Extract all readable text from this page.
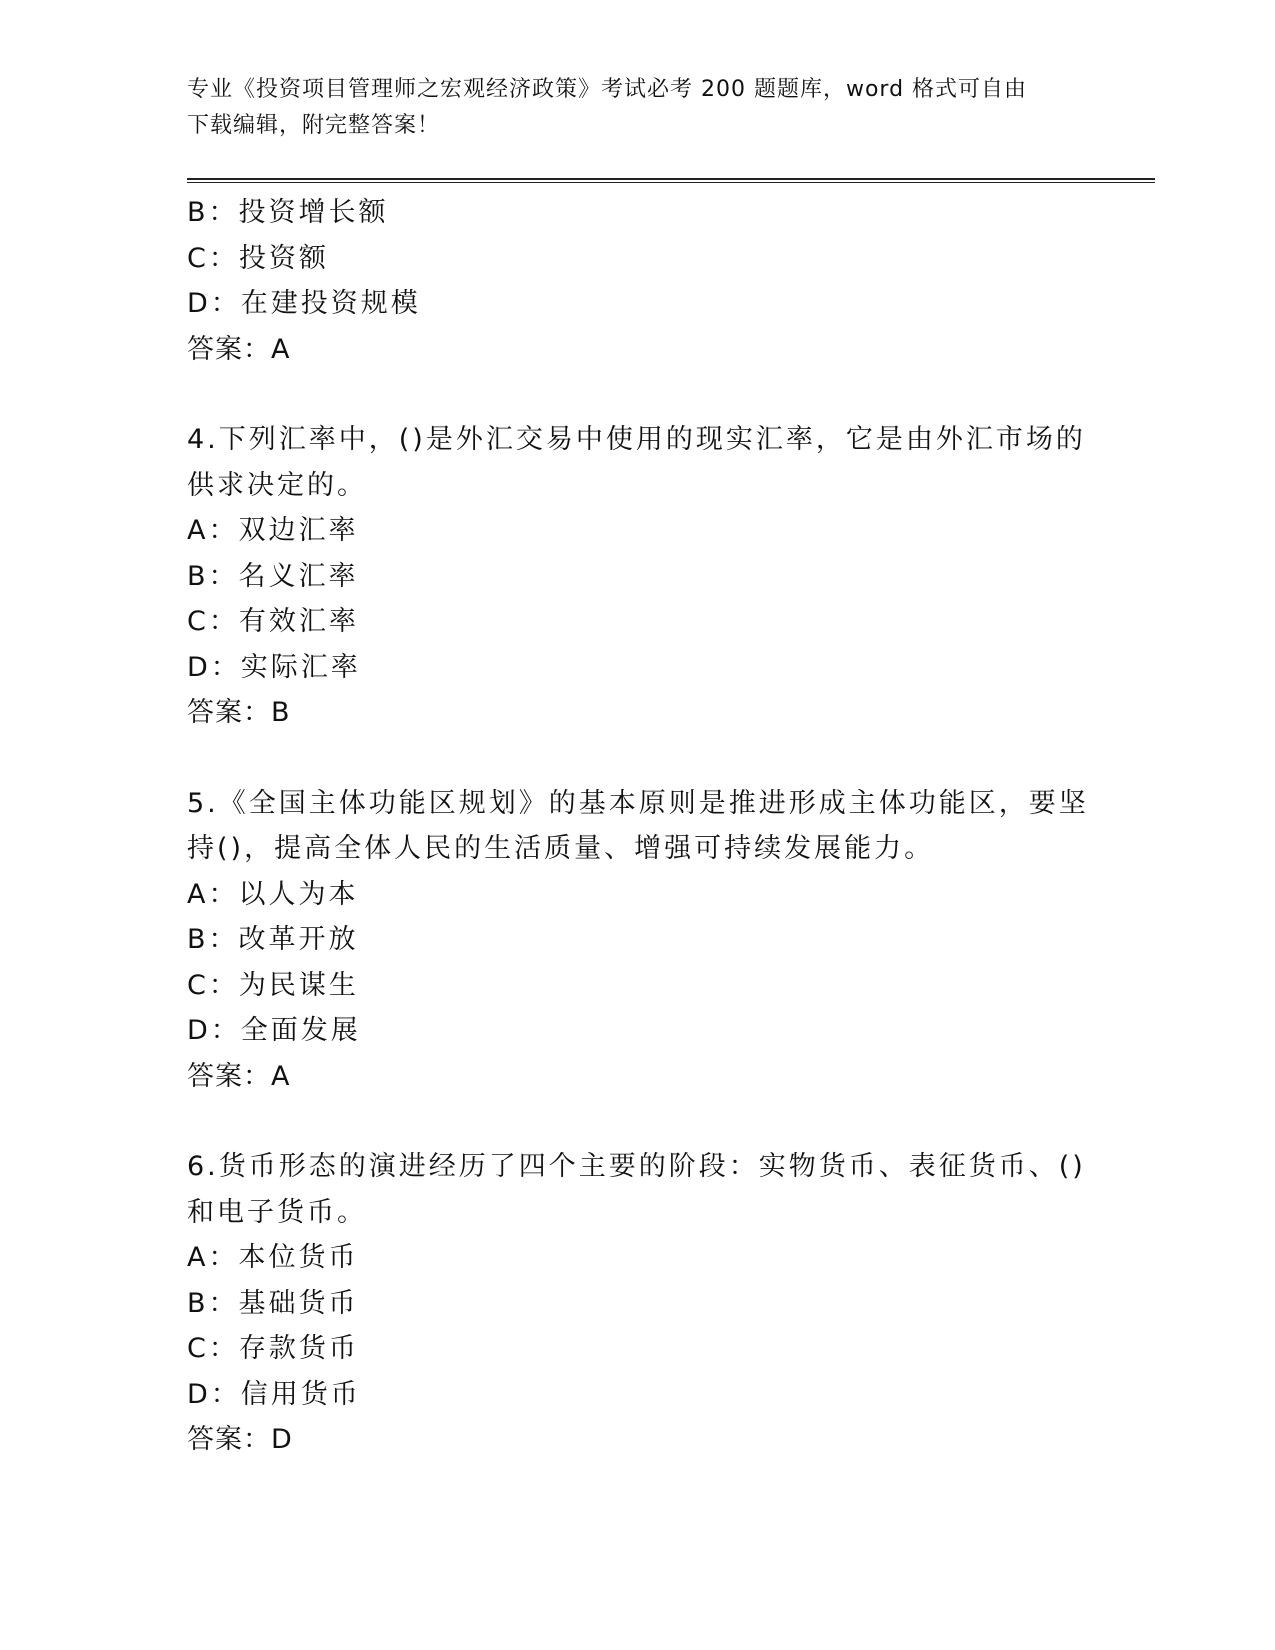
专业《投资项目管理师之宏观经济政策》考试必考 200 题题库，word 格式可自由
下载编辑，附完整答案！
B：投资增长额
C：投资额
D：在建投资规模
答案：A
4.下列汇率中，()是外汇交易中使用的现实汇率，它是由外汇市场的
供求决定的。
A：双边汇率
B：名义汇率
C：有效汇率
D：实际汇率
答案：B
5.《全国主体功能区规划》的基本原则是推进形成主体功能区，要坚
持()，提高全体人民的生活质量、增强可持续发展能力。
A：以人为本
B：改革开放
C：为民谋生
D：全面发展
答案：A
6.货币形态的演进经历了四个主要的阶段：实物货币、表征货币、()
和电子货币。
A：本位货币
B：基础货币
C：存款货币
D：信用货币
答案：D
